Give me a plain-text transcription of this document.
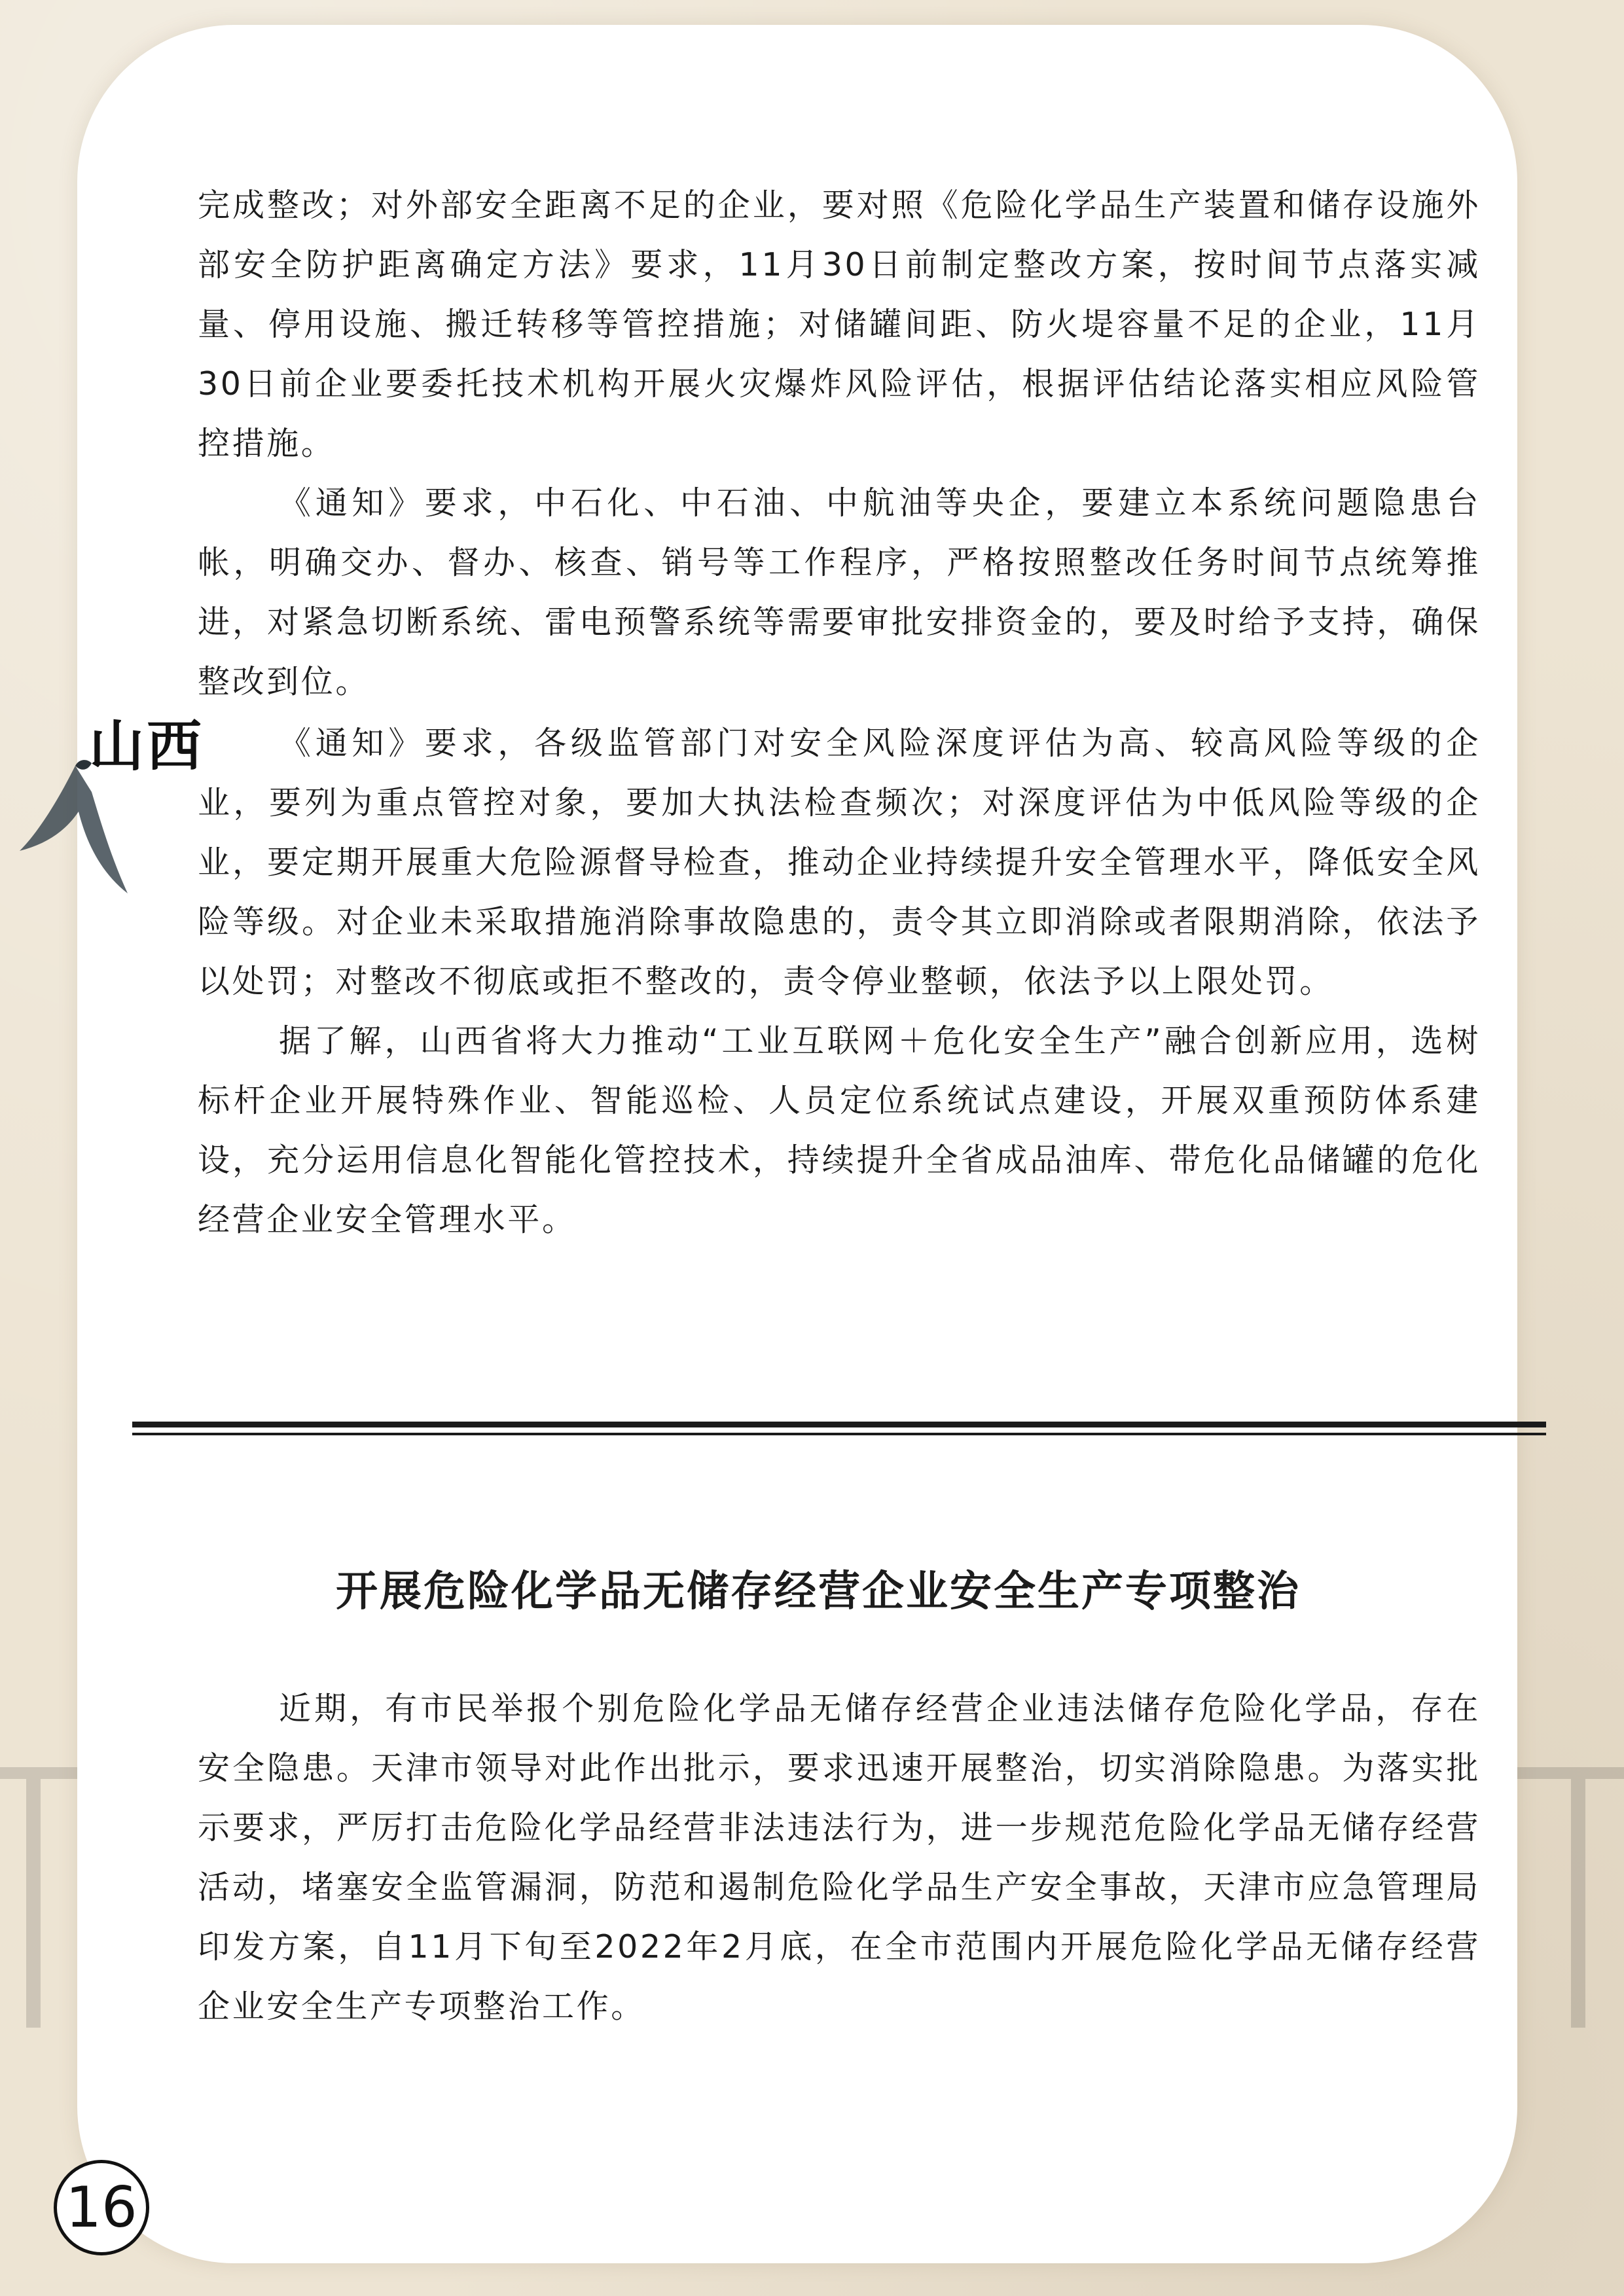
山西

完成整改；对外部安全距离不足的企业，要对照《危险化学品生产装置和储存设施外部安全防护距离确定方法》要求，11月30日前制定整改方案，按时间节点落实减量、停用设施、搬迁转移等管控措施；对储罐间距、防火堤容量不足的企业，11月30日前企业要委托技术机构开展火灾爆炸风险评估，根据评估结论落实相应风险管控措施。

《通知》要求，中石化、中石油、中航油等央企，要建立本系统问题隐患台帐，明确交办、督办、核查、销号等工作程序，严格按照整改任务时间节点统筹推进，对紧急切断系统、雷电预警系统等需要审批安排资金的，要及时给予支持，确保整改到位。

《通知》要求，各级监管部门对安全风险深度评估为高、较高风险等级的企业，要列为重点管控对象，要加大执法检查频次；对深度评估为中低风险等级的企业，要定期开展重大危险源督导检查，推动企业持续提升安全管理水平，降低安全风险等级。对企业未采取措施消除事故隐患的，责令其立即消除或者限期消除，依法予以处罚；对整改不彻底或拒不整改的，责令停业整顿，依法予以上限处罚。

据了解，山西省将大力推动“工业互联网＋危化安全生产”融合创新应用，选树标杆企业开展特殊作业、智能巡检、人员定位系统试点建设，开展双重预防体系建设，充分运用信息化智能化管控技术，持续提升全省成品油库、带危化品储罐的危化经营企业安全管理水平。

开展危险化学品无储存经营企业安全生产专项整治

近期，有市民举报个别危险化学品无储存经营企业违法储存危险化学品，存在安全隐患。天津市领导对此作出批示，要求迅速开展整治，切实消除隐患。为落实批示要求，严厉打击危险化学品经营非法违法行为，进一步规范危险化学品无储存经营活动，堵塞安全监管漏洞，防范和遏制危险化学品生产安全事故，天津市应急管理局印发方案，自11月下旬至2022年2月底，在全市范围内开展危险化学品无储存经营企业安全生产专项整治工作。

16
